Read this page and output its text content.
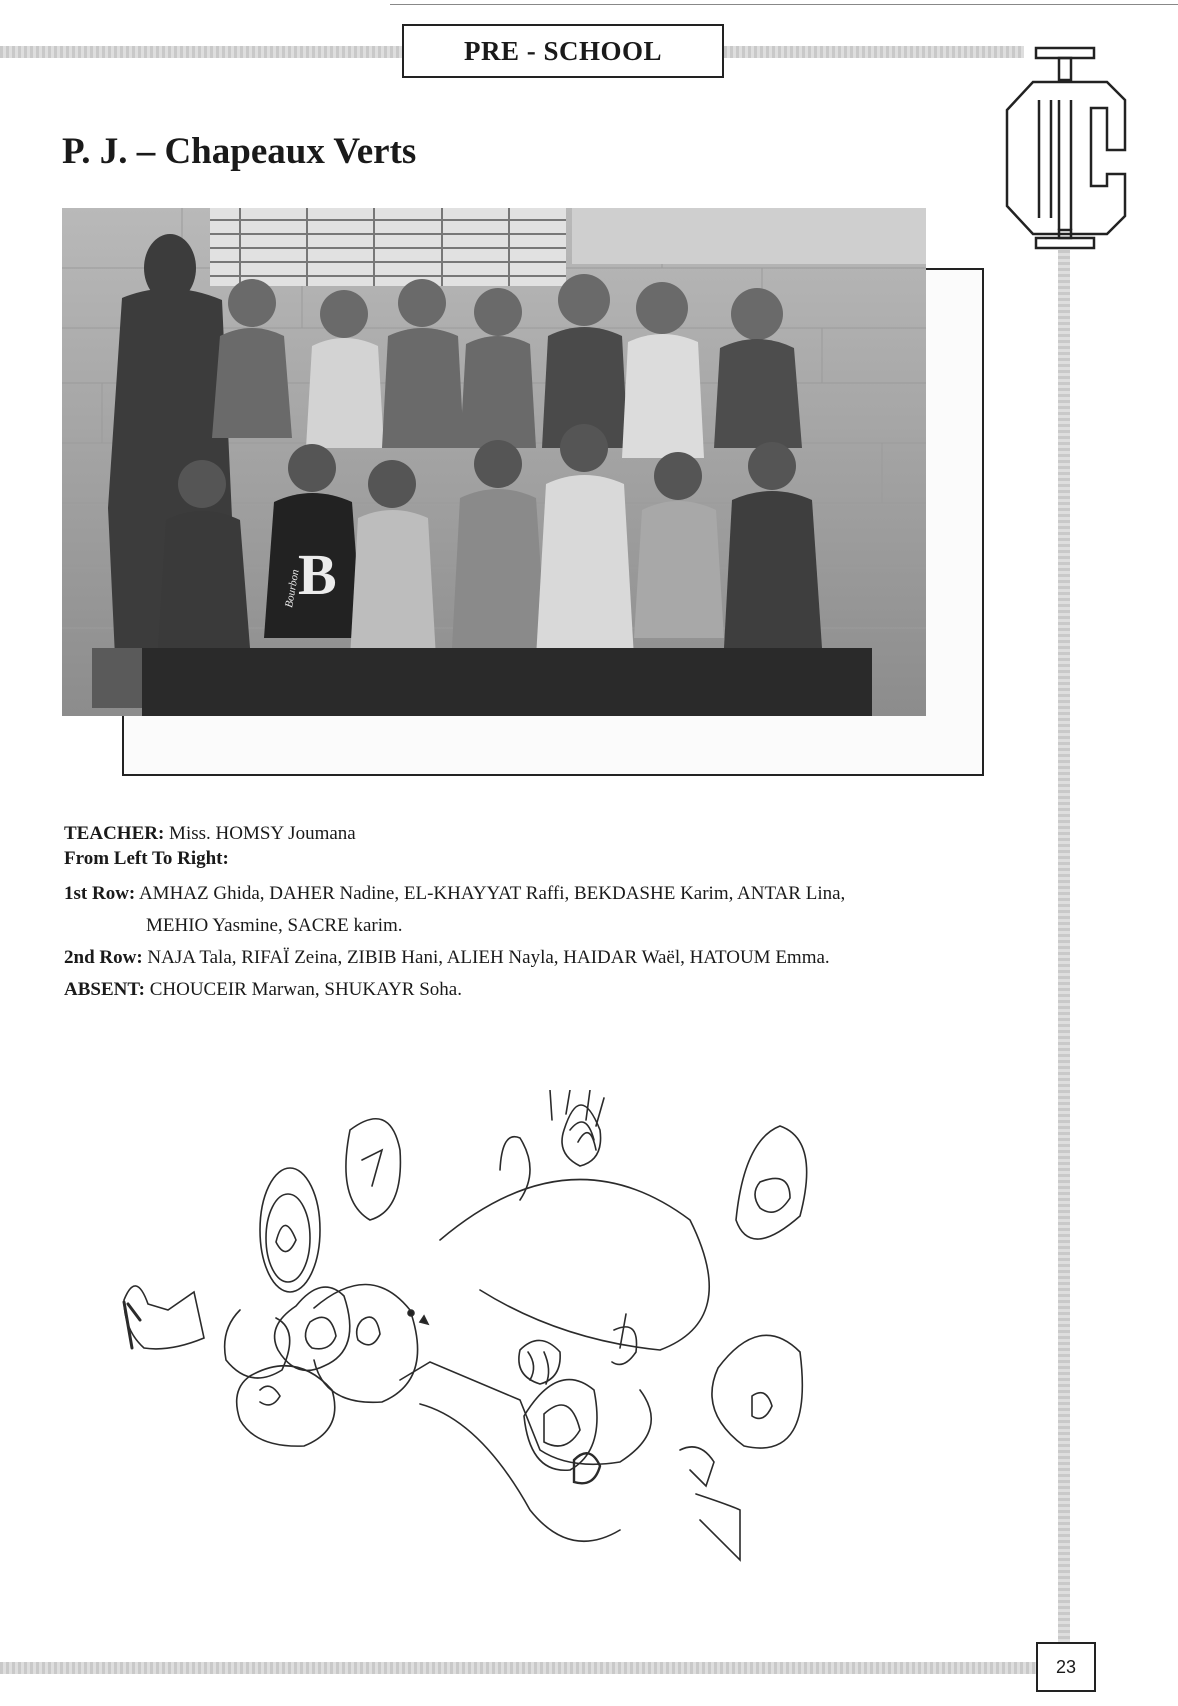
PRE - SCHOOL
P. J. – Chapeaux Verts
B
Bourbon
TEACHER: Miss. HOMSY Joumana
From Left To Right:
1st Row: AMHAZ Ghida, DAHER Nadine, EL-KHAYYAT Raffi, BEKDASHE Karim, ANTAR Lina,
MEHIO Yasmine, SACRE karim.
2nd Row: NAJA Tala, RIFAÏ Zeina, ZIBIB Hani, ALIEH Nayla, HAIDAR Waël, HATOUM Emma.
ABSENT: CHOUCEIR Marwan, SHUKAYR Soha.
23
